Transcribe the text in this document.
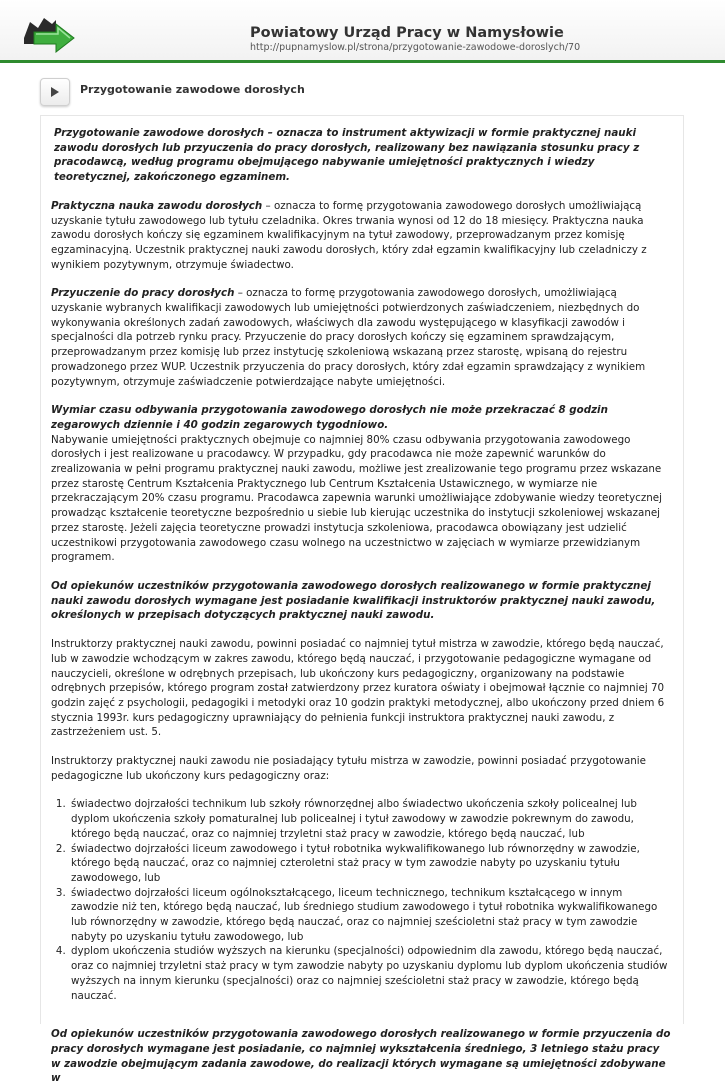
Powiatowy Urząd Pracy w Namysłowie
http://pupnamyslow.pl/strona/przygotowanie-zawodowe-doroslych/70
Przygotowanie zawodowe dorosłych

Przygotowanie zawodowe dorosłych – oznacza to instrument aktywizacji w formie praktycznej nauki zawodu dorosłych lub przyuczenia do pracy dorosłych, realizowany bez nawiązania stosunku pracy z pracodawcą, według programu obejmującego nabywanie umiejętności praktycznych i wiedzy teoretycznej, zakończonego egzaminem.

Praktyczna nauka zawodu dorosłych – oznacza to formę przygotowania zawodowego dorosłych umożliwiającą uzyskanie tytułu zawodowego lub tytułu czeladnika. Okres trwania wynosi od 12 do 18 miesięcy. Praktyczna nauka zawodu dorosłych kończy się egzaminem kwalifikacyjnym na tytuł zawodowy, przeprowadzanym przez komisję egzaminacyjną. Uczestnik praktycznej nauki zawodu dorosłych, który zdał egzamin kwalifikacyjny lub czeladniczy z wynikiem pozytywnym, otrzymuje świadectwo.

Przyuczenie do pracy dorosłych – oznacza to formę przygotowania zawodowego dorosłych, umożliwiającą uzyskanie wybranych kwalifikacji zawodowych lub umiejętności potwierdzonych zaświadczeniem, niezbędnych do wykonywania określonych zadań zawodowych, właściwych dla zawodu występującego w klasyfikacji zawodów i specjalności dla potrzeb rynku pracy. Przyuczenie do pracy dorosłych kończy się egzaminem sprawdzającym, przeprowadzanym przez komisję lub przez instytucję szkoleniową wskazaną przez starostę, wpisaną do rejestru prowadzonego przez WUP. Uczestnik przyuczenia do pracy dorosłych, który zdał egzamin sprawdzający z wynikiem pozytywnym, otrzymuje zaświadczenie potwierdzające nabyte umiejętności.

Wymiar czasu odbywania przygotowania zawodowego dorosłych nie może przekraczać 8 godzin zegarowych dziennie i 40 godzin zegarowych tygodniowo.
Nabywanie umiejętności praktycznych obejmuje co najmniej 80% czasu odbywania przygotowania zawodowego dorosłych i jest realizowane u pracodawcy. W przypadku, gdy pracodawca nie może zapewnić warunków do zrealizowania w pełni programu praktycznej nauki zawodu, możliwe jest zrealizowanie tego programu przez wskazane przez starostę Centrum Kształcenia Praktycznego lub Centrum Kształcenia Ustawicznego, w wymiarze nie przekraczającym 20% czasu programu. Pracodawca zapewnia warunki umożliwiające zdobywanie wiedzy teoretycznej prowadząc kształcenie teoretyczne bezpośrednio u siebie lub kierując uczestnika do instytucji szkoleniowej wskazanej przez starostę. Jeżeli zajęcia teoretyczne prowadzi instytucja szkoleniowa, pracodawca obowiązany jest udzielić uczestnikowi przygotowania zawodowego czasu wolnego na uczestnictwo w zajęciach w wymiarze przewidzianym programem.

Od opiekunów uczestników przygotowania zawodowego dorosłych realizowanego w formie praktycznej nauki zawodu dorosłych wymagane jest posiadanie kwalifikacji instruktorów praktycznej nauki zawodu, określonych w przepisach dotyczących praktycznej nauki zawodu.

Instruktorzy praktycznej nauki zawodu, powinni posiadać co najmniej tytuł mistrza w zawodzie, którego będą nauczać, lub w zawodzie wchodzącym w zakres zawodu, którego będą nauczać, i przygotowanie pedagogiczne wymagane od nauczycieli, określone w odrębnych przepisach, lub ukończony kurs pedagogiczny, organizowany na podstawie odrębnych przepisów, którego program został zatwierdzony przez kuratora oświaty i obejmował łącznie co najmniej 70 godzin zajęć z psychologii, pedagogiki i metodyki oraz 10 godzin praktyki metodycznej, albo ukończony przed dniem 6 stycznia 1993r. kurs pedagogiczny uprawniający do pełnienia funkcji instruktora praktycznej nauki zawodu, z zastrzeżeniem ust. 5.

Instruktorzy praktycznej nauki zawodu nie posiadający tytułu mistrza w zawodzie, powinni posiadać przygotowanie pedagogiczne lub ukończony kurs pedagogiczny oraz:

1. świadectwo dojrzałości technikum lub szkoły równorzędnej albo świadectwo ukończenia szkoły policealnej lub dyplom ukończenia szkoły pomaturalnej lub policealnej i tytuł zawodowy w zawodzie pokrewnym do zawodu, którego będą nauczać, oraz co najmniej trzyletni staż pracy w zawodzie, którego będą nauczać, lub
2. świadectwo dojrzałości liceum zawodowego i tytuł robotnika wykwalifikowanego lub równorzędny w zawodzie, którego będą nauczać, oraz co najmniej czteroletni staż pracy w tym zawodzie nabyty po uzyskaniu tytułu zawodowego, lub
3. świadectwo dojrzałości liceum ogólnokształcącego, liceum technicznego, technikum kształcącego w innym zawodzie niż ten, którego będą nauczać, lub średniego studium zawodowego i tytuł robotnika wykwalifikowanego lub równorzędny w zawodzie, którego będą nauczać, oraz co najmniej sześcioletni staż pracy w tym zawodzie nabyty po uzyskaniu tytułu zawodowego, lub
4. dyplom ukończenia studiów wyższych na kierunku (specjalności) odpowiednim dla zawodu, którego będą nauczać, oraz co najmniej trzyletni staż pracy w tym zawodzie nabyty po uzyskaniu dyplomu lub dyplom ukończenia studiów wyższych na innym kierunku (specjalności) oraz co najmniej sześcioletni staż pracy w zawodzie, którego będą nauczać.

Od opiekunów uczestników przygotowania zawodowego dorosłych realizowanego w formie przyuczenia do pracy dorosłych wymagane jest posiadanie, co najmniej wykształcenia średniego, 3 letniego stażu pracy w zawodzie obejmującym zadania zawodowe, do realizacji których wymagane są umiejętności zdobywane w
